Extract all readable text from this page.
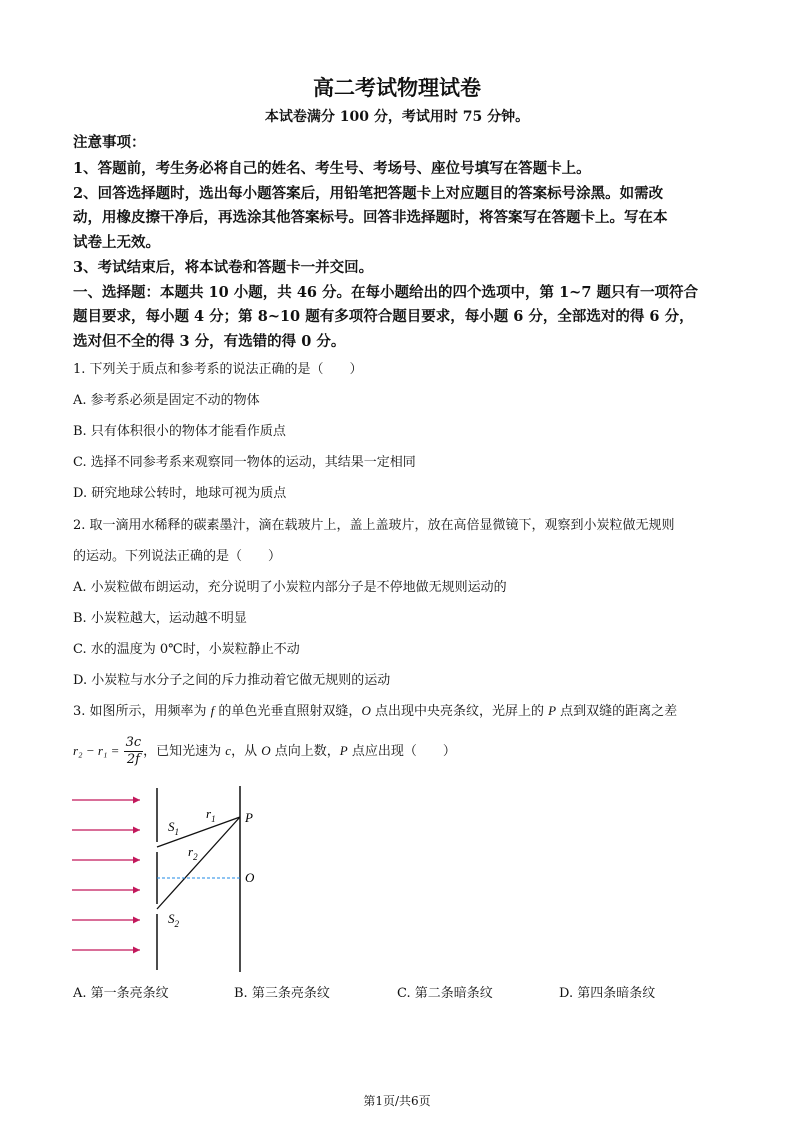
高二考试物理试卷
本试卷满分 100 分，考试用时 75 分钟。
注意事项：
1、答题前，考生务必将自己的姓名、考生号、考场号、座位号填写在答题卡上。
2、回答选择题时，选出每小题答案后，用铅笔把答题卡上对应题目的答案标号涂黑。如需改
动，用橡皮擦干净后，再选涂其他答案标号。回答非选择题时，将答案写在答题卡上。写在本
试卷上无效。
3、考试结束后，将本试卷和答题卡一并交回。
一、选择题：本题共 10 小题，共 46 分。在每小题给出的四个选项中，第 1~7 题只有一项符合
题目要求，每小题 4 分；第 8~10 题有多项符合题目要求，每小题 6 分，全部选对的得 6 分，
选对但不全的得 3 分，有选错的得 0 分。
1. 下列关于质点和参考系的说法正确的是（　　）
A. 参考系必须是固定不动的物体
B. 只有体积很小的物体才能看作质点
C. 选择不同参考系来观察同一物体的运动，其结果一定相同
D. 研究地球公转时，地球可视为质点
2. 取一滴用水稀释的碳素墨汁，滴在载玻片上，盖上盖玻片，放在高倍显微镜下，观察到小炭粒做无规则
的运动。下列说法正确的是（　　）
A. 小炭粒做布朗运动，充分说明了小炭粒内部分子是不停地做无规则运动的
B. 小炭粒越大，运动越不明显
C. 水的温度为 0℃时，小炭粒静止不动
D. 小炭粒与水分子之间的斥力推动着它做无规则的运动
3. 如图所示，用频率为 f 的单色光垂直照射双缝，O 点出现中央亮条纹，光屏上的 P 点到双缝的距离之差
$r_2 - r_1 = \frac{3c}{2f}$ ，已知光速为 c，从 O 点向上数，P 点应出现（　　）
$S_1$
$S_2$
$r_1$
$r_2$
P
O
A. 第一条亮条纹	B. 第三条亮条纹	C. 第二条暗条纹	D. 第四条暗条纹
第1页/共6页
